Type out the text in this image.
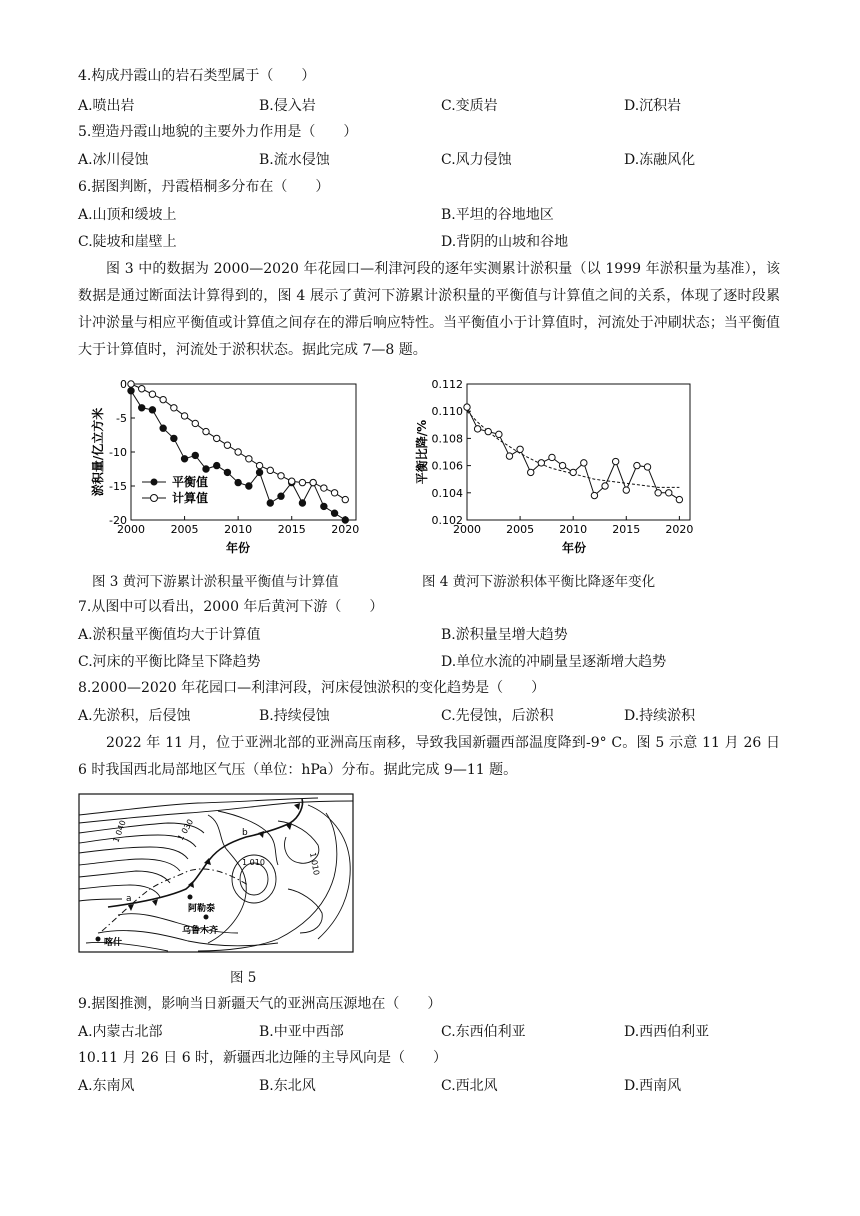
4.构成丹霞山的岩石类型属于（　　）
A.喷出岩	B.侵入岩	C.变质岩	D.沉积岩
5.塑造丹霞山地貌的主要外力作用是（　　）
A.冰川侵蚀	B.流水侵蚀	C.风力侵蚀	D.冻融风化
6.据图判断，丹霞梧桐多分布在（　　）
A.山顶和缓坡上	B.平坦的谷地地区
C.陡坡和崖壁上	D.背阴的山坡和谷地
图 3 中的数据为 2000—2020 年花园口—利津河段的逐年实测累计淤积量（以 1999 年淤积量为基准），该数据是通过断面法计算得到的，图 4 展示了黄河下游累计淤积量的平衡值与计算值之间的关系，体现了逐时段累计冲淤量与相应平衡值或计算值之间存在的滞后响应特性。当平衡值小于计算值时，河流处于冲刷状态；当平衡值大于计算值时，河流处于淤积状态。据此完成 7—8 题。
淤积量/亿立方米
年份
2000 2005 2010 2015 2020
0
-5
-10
-15
-20
平衡值
计算值
平衡比降/%
年份
2000 2005 2010 2015 2020
0.112
0.110
0.108
0.106
0.104
0.102
图 3 黄河下游累计淤积量平衡值与计算值	图 4 黄河下游淤积体平衡比降逐年变化
7.从图中可以看出，2000 年后黄河下游（　　）
A.淤积量平衡值均大于计算值	B.淤积量呈增大趋势
C.河床的平衡比降呈下降趋势	D.单位水流的冲刷量呈逐渐增大趋势
8.2000—2020 年花园口—利津河段，河床侵蚀淤积的变化趋势是（　　）
A.先淤积，后侵蚀	B.持续侵蚀	C.先侵蚀，后淤积	D.持续淤积
2022 年 11 月，位于亚洲北部的亚洲高压南移，导致我国新疆西部温度降到-9° C。图 5 示意 11 月 26 日 6 时我国西北局部地区气压（单位：hPa）分布。据此完成 9—11 题。
1 040	1 030
1 010
1 010
a
b
阿勒泰
乌鲁木齐
喀什
图 5
9.据图推测，影响当日新疆天气的亚洲高压源地在（　　）
A.内蒙古北部	B.中亚中西部	C.东西伯利亚	D.西西伯利亚
10.11 月 26 日 6 时，新疆西北边陲的主导风向是（　　）
A.东南风	B.东北风	C.西北风	D.西南风
